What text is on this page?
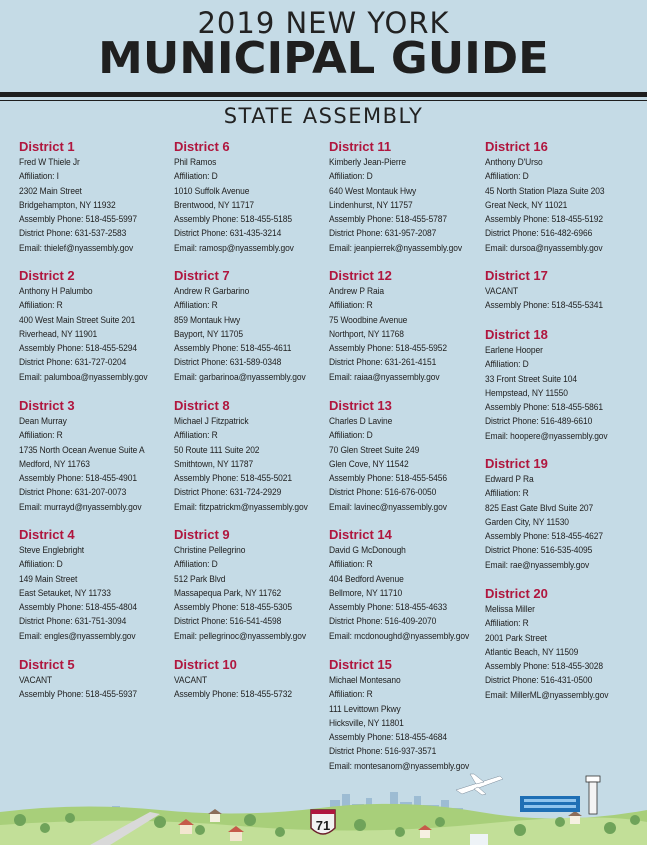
2019 NEW YORK
MUNICIPAL GUIDE
STATE ASSEMBLY
District 1
Fred W Thiele Jr
Affiliation: I
2302 Main Street
Bridgehampton, NY 11932
Assembly Phone: 518-455-5997
District Phone: 631-537-2583
Email: thielef@nyassembly.gov
District 2
Anthony H Palumbo
Affiliation: R
400 West Main Street Suite 201
Riverhead, NY 11901
Assembly Phone: 518-455-5294
District Phone: 631-727-0204
Email: palumboa@nyassembly.gov
District 3
Dean Murray
Affiliation: R
1735 North Ocean Avenue Suite A
Medford, NY 11763
Assembly Phone: 518-455-4901
District Phone: 631-207-0073
Email: murrayd@nyassembly.gov
District 4
Steve Englebright
Affiliation: D
149 Main Street
East Setauket, NY 11733
Assembly Phone: 518-455-4804
District Phone: 631-751-3094
Email: engles@nyassembly.gov
District 5
VACANT
Assembly Phone: 518-455-5937
District 6
Phil Ramos
Affiliation: D
1010 Suffolk Avenue
Brentwood, NY 11717
Assembly Phone: 518-455-5185
District Phone: 631-435-3214
Email: ramosp@nyassembly.gov
District 7
Andrew R Garbarino
Affiliation: R
859 Montauk Hwy
Bayport, NY 11705
Assembly Phone: 518-455-4611
District Phone: 631-589-0348
Email: garbarinoa@nyassembly.gov
District 8
Michael J Fitzpatrick
Affiliation: R
50 Route 111 Suite 202
Smithtown, NY 11787
Assembly Phone: 518-455-5021
District Phone: 631-724-2929
Email: fitzpatrickm@nyassembly.gov
District 9
Christine Pellegrino
Affiliation: D
512 Park Blvd
Massapequa Park, NY 11762
Assembly Phone: 518-455-5305
District Phone: 516-541-4598
Email: pellegrinoc@nyassembly.gov
District 10
VACANT
Assembly Phone: 518-455-5732
District 11
Kimberly Jean-Pierre
Affiliation: D
640 West Montauk Hwy
Lindenhurst, NY 11757
Assembly Phone: 518-455-5787
District Phone: 631-957-2087
Email: jeanpierrek@nyassembly.gov
District 12
Andrew P Raia
Affiliation: R
75 Woodbine Avenue
Northport, NY 11768
Assembly Phone: 518-455-5952
District Phone: 631-261-4151
Email: raiaa@nyassembly.gov
District 13
Charles D Lavine
Affiliation: D
70 Glen Street Suite 249
Glen Cove, NY 11542
Assembly Phone: 518-455-5456
District Phone: 516-676-0050
Email: lavinec@nyassembly.gov
District 14
David G McDonough
Affiliation: R
404 Bedford Avenue
Bellmore, NY 11710
Assembly Phone: 518-455-4633
District Phone: 516-409-2070
Email: mcdonoughd@nyassembly.gov
District 15
Michael Montesano
Affiliation: R
111 Levittown Pkwy
Hicksville, NY 11801
Assembly Phone: 518-455-4684
District Phone: 516-937-3571
Email: montesanom@nyassembly.gov
District 16
Anthony D'Urso
Affiliation: D
45 North Station Plaza Suite 203
Great Neck, NY 11021
Assembly Phone: 518-455-5192
District Phone: 516-482-6966
Email: dursoa@nyassembly.gov
District 17
VACANT
Assembly Phone: 518-455-5341
District 18
Earlene Hooper
Affiliation: D
33 Front Street Suite 104
Hempstead, NY 11550
Assembly Phone: 518-455-5861
District Phone: 516-489-6610
Email: hoopere@nyassembly.gov
District 19
Edward P Ra
Affiliation: R
825 East Gate Blvd Suite 207
Garden City, NY 11530
Assembly Phone: 518-455-4627
District Phone: 516-535-4095
Email: rae@nyassembly.gov
District 20
Melissa Miller
Affiliation: R
2001 Park Street
Atlantic Beach, NY 11509
Assembly Phone: 518-455-3028
District Phone: 516-431-0500
Email: MillerML@nyassembly.gov
71
